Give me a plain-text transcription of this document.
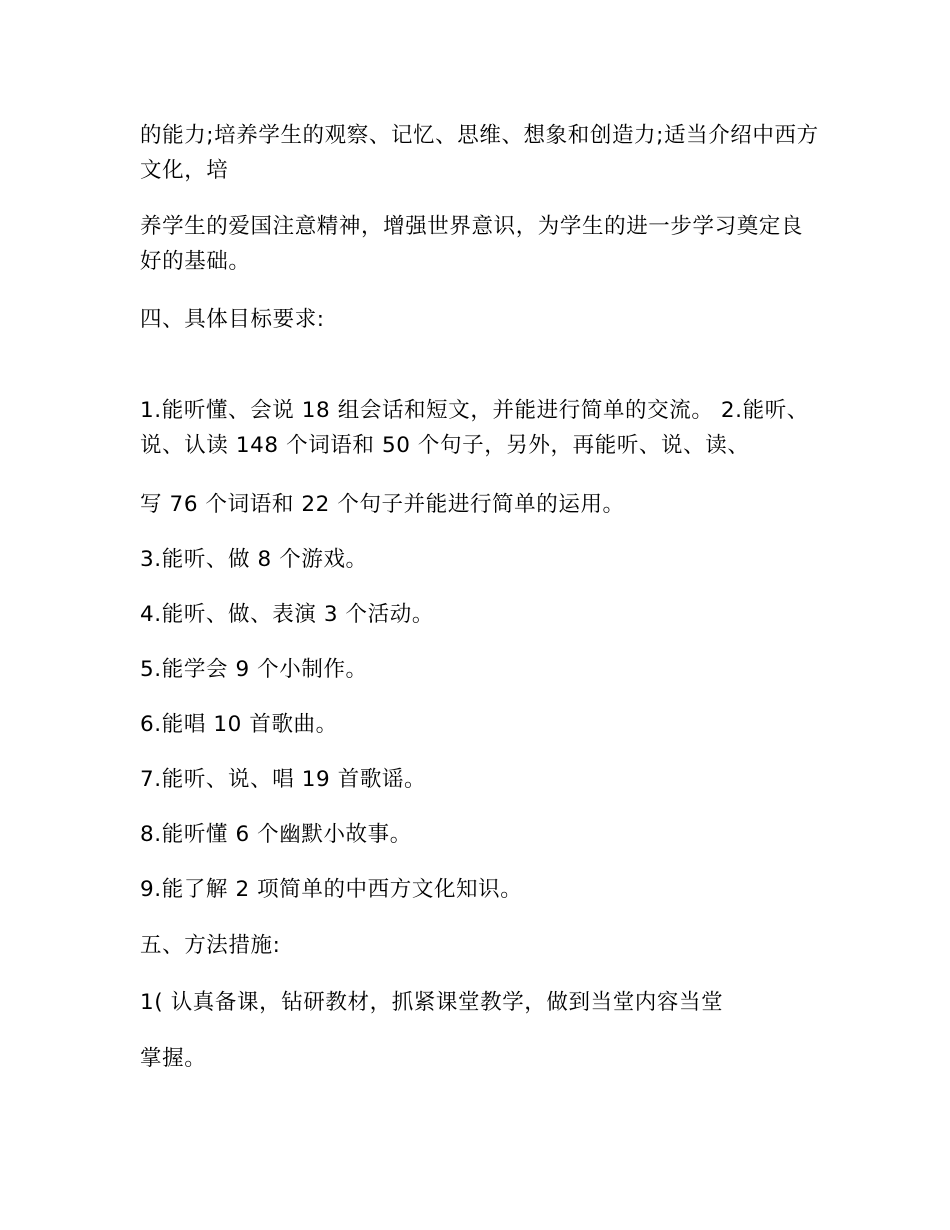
的能力;培养学生的观察、记忆、思维、想象和创造力;适当介绍中西方文化，培

养学生的爱国注意精神，增强世界意识，为学生的进一步学习奠定良好的基础。

四、具体目标要求:

1.能听懂、会说 18 组会话和短文，并能进行简单的交流。 2.能听、说、认读 148 个词语和 50 个句子，另外，再能听、说、读、

写 76 个词语和 22 个句子并能进行简单的运用。

3.能听、做 8 个游戏。

4.能听、做、表演 3 个活动。

5.能学会 9 个小制作。

6.能唱 10 首歌曲。

7.能听、说、唱 19 首歌谣。

8.能听懂 6 个幽默小故事。

9.能了解 2 项简单的中西方文化知识。

五、方法措施:

1( 认真备课，钻研教材，抓紧课堂教学，做到当堂内容当堂

掌握。
